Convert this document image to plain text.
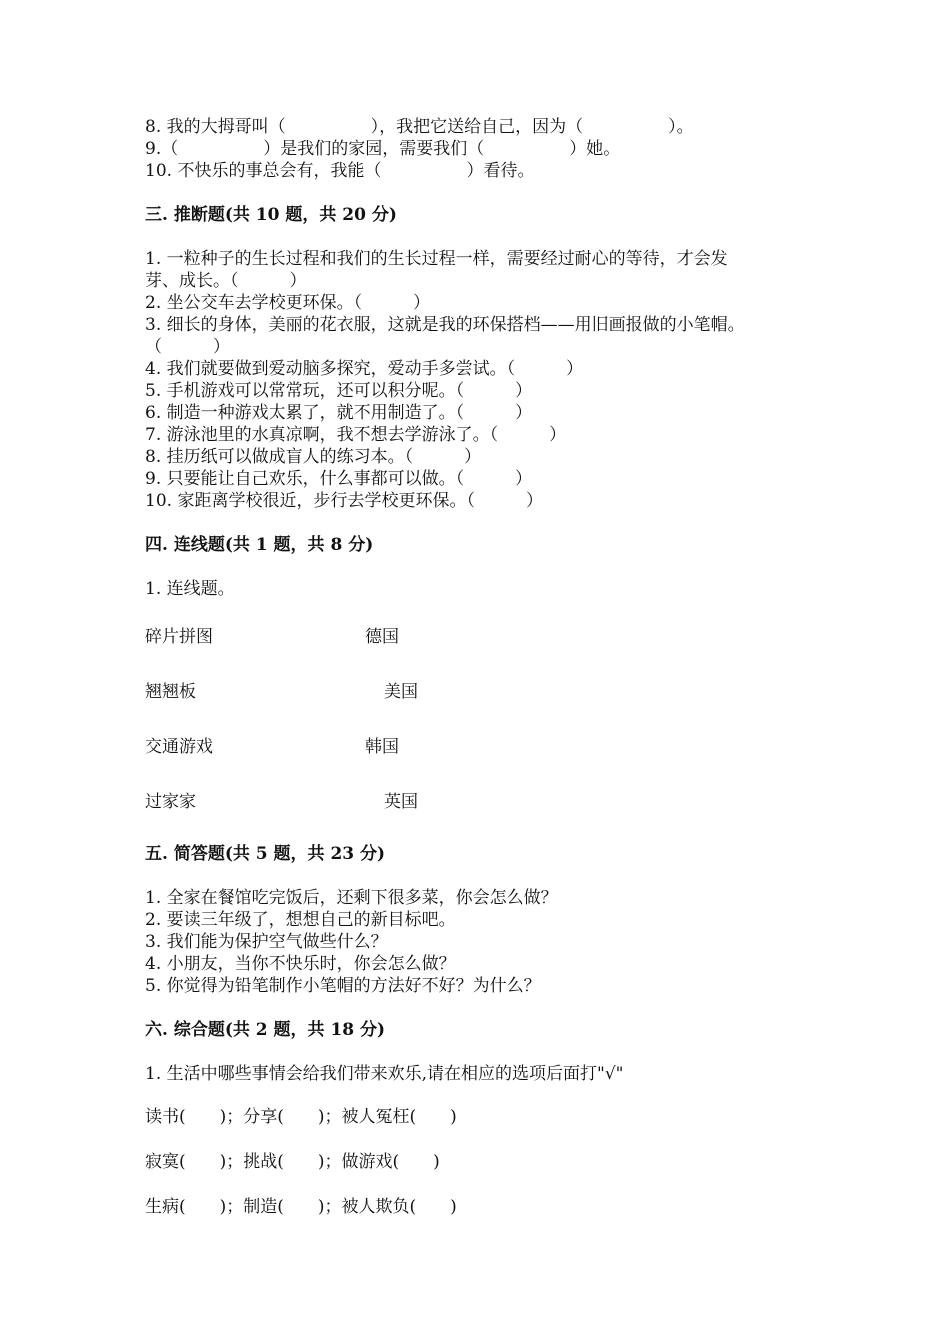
8. 我的大拇哥叫（　　　　　），我把它送给自己，因为（　　　　　）。
9.（　　　　　）是我们的家园，需要我们（　　　　　）她。
10. 不快乐的事总会有，我能（　　　　　）看待。
三. 推断题(共 10 题，共 20 分)
1. 一粒种子的生长过程和我们的生长过程一样，需要经过耐心的等待，才会发
芽、成长。（　　　）
2. 坐公交车去学校更环保。（　　　）
3. 细长的身体，美丽的花衣服，这就是我的环保搭档——用旧画报做的小笔帽。
（　　　）
4. 我们就要做到爱动脑多探究，爱动手多尝试。（　　　）
5. 手机游戏可以常常玩，还可以积分呢。（　　　）
6. 制造一种游戏太累了，就不用制造了。（　　　）
7. 游泳池里的水真凉啊，我不想去学游泳了。（　　　）
8. 挂历纸可以做成盲人的练习本。（　　　）
9. 只要能让自己欢乐，什么事都可以做。（　　　）
10. 家距离学校很近，步行去学校更环保。（　　　）
四. 连线题(共 1 题，共 8 分)
1. 连线题。
碎片拼图	德国
翘翘板	美国
交通游戏	韩国
过家家	英国
五. 简答题(共 5 题，共 23 分)
1. 全家在餐馆吃完饭后，还剩下很多菜，你会怎么做？
2. 要读三年级了，想想自己的新目标吧。
3. 我们能为保护空气做些什么？
4. 小朋友，当你不快乐时，你会怎么做？
5. 你觉得为铅笔制作小笔帽的方法好不好？为什么？
六. 综合题(共 2 题，共 18 分)
1. 生活中哪些事情会给我们带来欢乐,请在相应的选项后面打"√"
读书(　　)；分享(　　)；被人冤枉(　　)
寂寞(　　)；挑战(　　)；做游戏(　　)
生病(　　)；制造(　　)；被人欺负(　　)
